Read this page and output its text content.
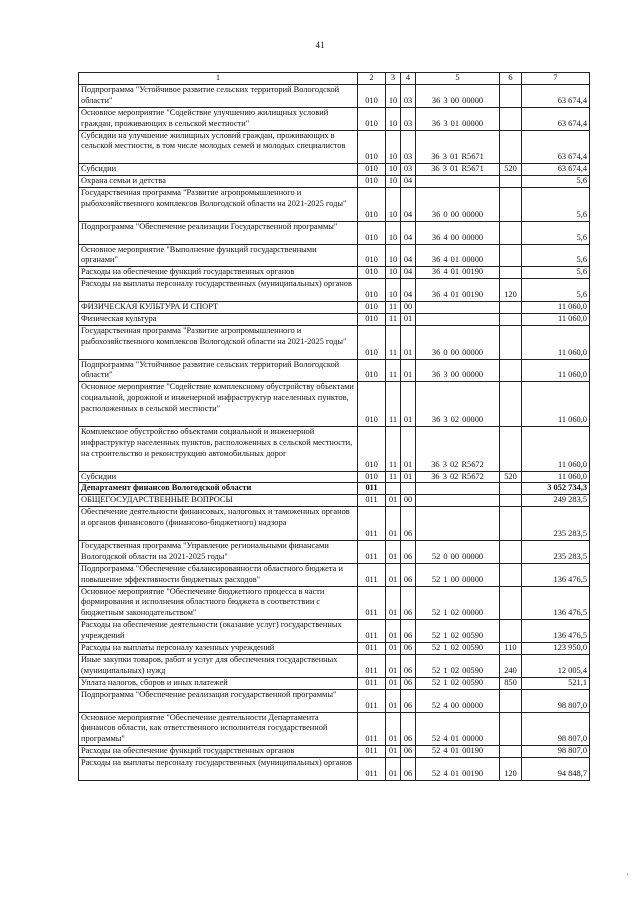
41
1	2	3	4	5	6	7
Подпрограмма "Устойчивое развитие сельских территорий Вологодской области"	010	10	03	36 3 00 00000		63 674,4
Основное мероприятие "Содействие улучшению жилищных условий граждан, проживающих в сельской местности"	010	10	03	36 3 01 00000		63 674,4
Субсидии на улучшение жилищных условий граждан, проживающих в сельской местности, в том числе молодых семей и молодых специалистов	010	10	03	36 3 01 R5671		63 674,4
Субсидии	010	10	03	36 3 01 R5671	520	63 674,4
Охрана семьи и детства	010	10	04			5,6
Государственная программа "Развитие агропромышленного и рыбохозяйственного комплексов Вологодской области на 2021-2025 годы"	010	10	04	36 0 00 00000		5,6
Подпрограмма "Обеспечение реализации Государственной программы"	010	10	04	36 4 00 00000		5,6
Основное мероприятие "Выполнение функций государственными органами"	010	10	04	36 4 01 00000		5,6
Расходы на обеспечение функций государственных органов	010	10	04	36 4 01 00190		5,6
Расходы на выплаты персоналу государственных (муниципальных) органов	010	10	04	36 4 01 00190	120	5,6
ФИЗИЧЕСКАЯ КУЛЬТУРА И СПОРТ	010	11	00			11 060,0
Физическая культура	010	11	01			11 060,0
Государственная программа "Развитие агропромышленного и рыбохозяйственного комплексов Вологодской области на 2021-2025 годы"	010	11	01	36 0 00 00000		11 060,0
Подпрограмма "Устойчивое развитие сельских территорий Вологодской области"	010	11	01	36 3 00 00000		11 060,0
Основное мероприятие "Содействие комплексному обустройству объектами социальной, дорожной и инженерной инфраструктур населенных пунктов, расположенных в сельской местности"	010	11	01	36 3 02 00000		11 060,0
Комплексное обустройство объектами социальной и инженерной инфраструктур населенных пунктов, расположенных в сельской местности, на строительство и реконструкцию автомобильных дорог	010	11	01	36 3 02 R5672		11 060,0
Субсидии	010	11	01	36 3 02 R5672	520	11 060,0
Департамент финансов Вологодской области	011					3 052 734,3
ОБЩЕГОСУДАРСТВЕННЫЕ ВОПРОСЫ	011	01	00			249 283,5
Обеспечение деятельности финансовых, налоговых и таможенных органов и органов финансового (финансово-бюджетного) надзора	011	01	06			235 283,5
Государственная программа "Управление региональными финансами Вологодской области на 2021-2025 годы"	011	01	06	52 0 00 00000		235 283,5
Подпрограмма "Обеспечение сбалансированности областного бюджета и повышение эффективности бюджетных расходов"	011	01	06	52 1 00 00000		136 476,5
Основное мероприятие "Обеспечение бюджетного процесса в части формирования и исполнения областного бюджета в соответствии с бюджетным законодательством"	011	01	06	52 1 02 00000		136 476,5
Расходы на обеспечение деятельности (оказание услуг) государственных учреждений	011	01	06	52 1 02 00590		136 476,5
Расходы на выплаты персоналу казенных учреждений	011	01	06	52 1 02 00590	110	123 950,0
Иные закупки товаров, работ и услуг для обеспечения государственных (муниципальных) нужд	011	01	06	52 1 02 00590	240	12 005,4
Уплата налогов, сборов и иных платежей	011	01	06	52 1 02 00590	850	521,1
Подпрограмма "Обеспечение реализации государственной программы"	011	01	06	52 4 00 00000		98 807,0
Основное мероприятие "Обеспечение деятельности Департамента финансов области, как ответственного исполнителя государственной программы"	011	01	06	52 4 01 00000		98 807,0
Расходы на обеспечение функций государственных органов	011	01	06	52 4 01 00190		98 807,0
Расходы на выплаты персоналу государственных (муниципальных) органов	011	01	06	52 4 01 00190	120	94 848,7
'
